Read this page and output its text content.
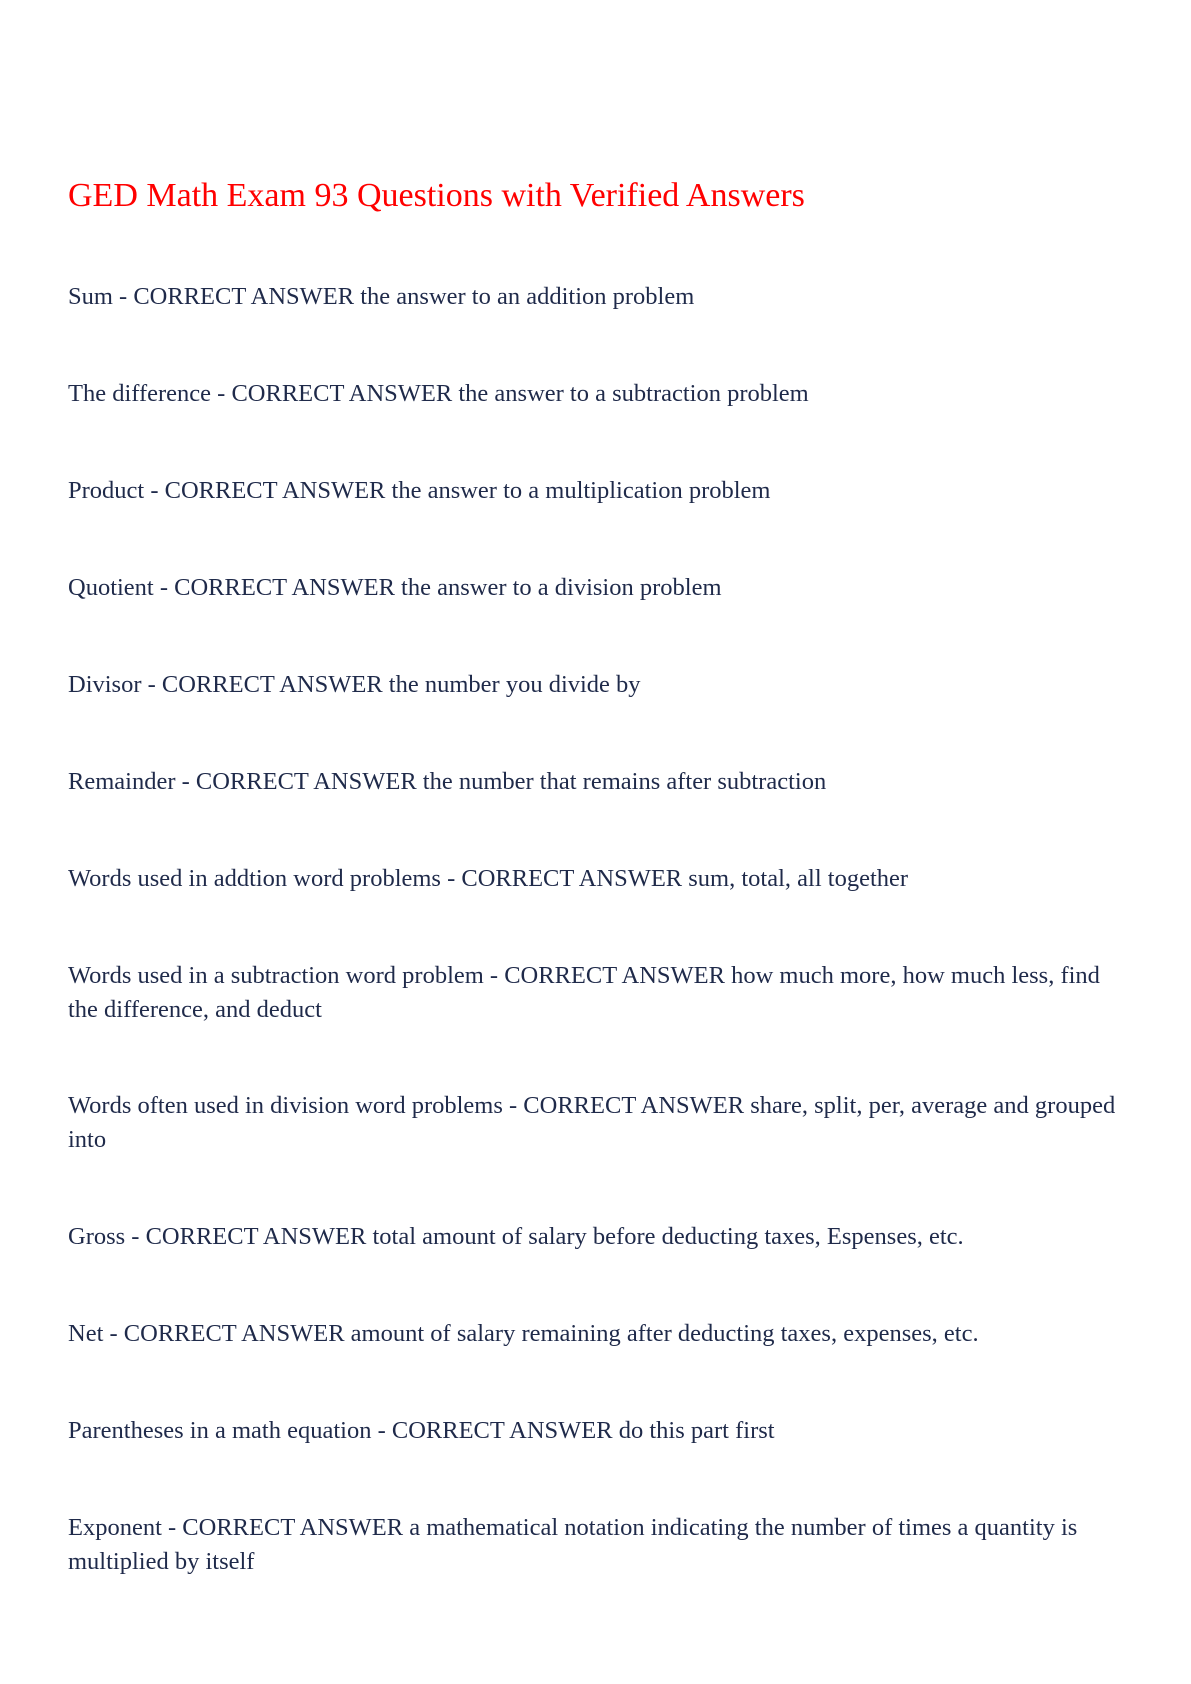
GED Math Exam 93 Questions with Verified Answers

Sum - CORRECT ANSWER the answer to an addition problem

The difference - CORRECT ANSWER the answer to a subtraction problem

Product - CORRECT ANSWER the answer to a multiplication problem

Quotient - CORRECT ANSWER the answer to a division problem

Divisor - CORRECT ANSWER the number you divide by

Remainder - CORRECT ANSWER the number that remains after subtraction

Words used in addtion word problems - CORRECT ANSWER sum, total, all together

Words used in a subtraction word problem - CORRECT ANSWER how much more, how much less, find the difference, and deduct

Words often used in division word problems - CORRECT ANSWER share, split, per, average and grouped into

Gross - CORRECT ANSWER total amount of salary before deducting taxes, Espenses, etc.

Net - CORRECT ANSWER amount of salary remaining after deducting taxes, expenses, etc.

Parentheses in a math equation - CORRECT ANSWER do this part first

Exponent - CORRECT ANSWER a mathematical notation indicating the number of times a quantity is multiplied by itself
